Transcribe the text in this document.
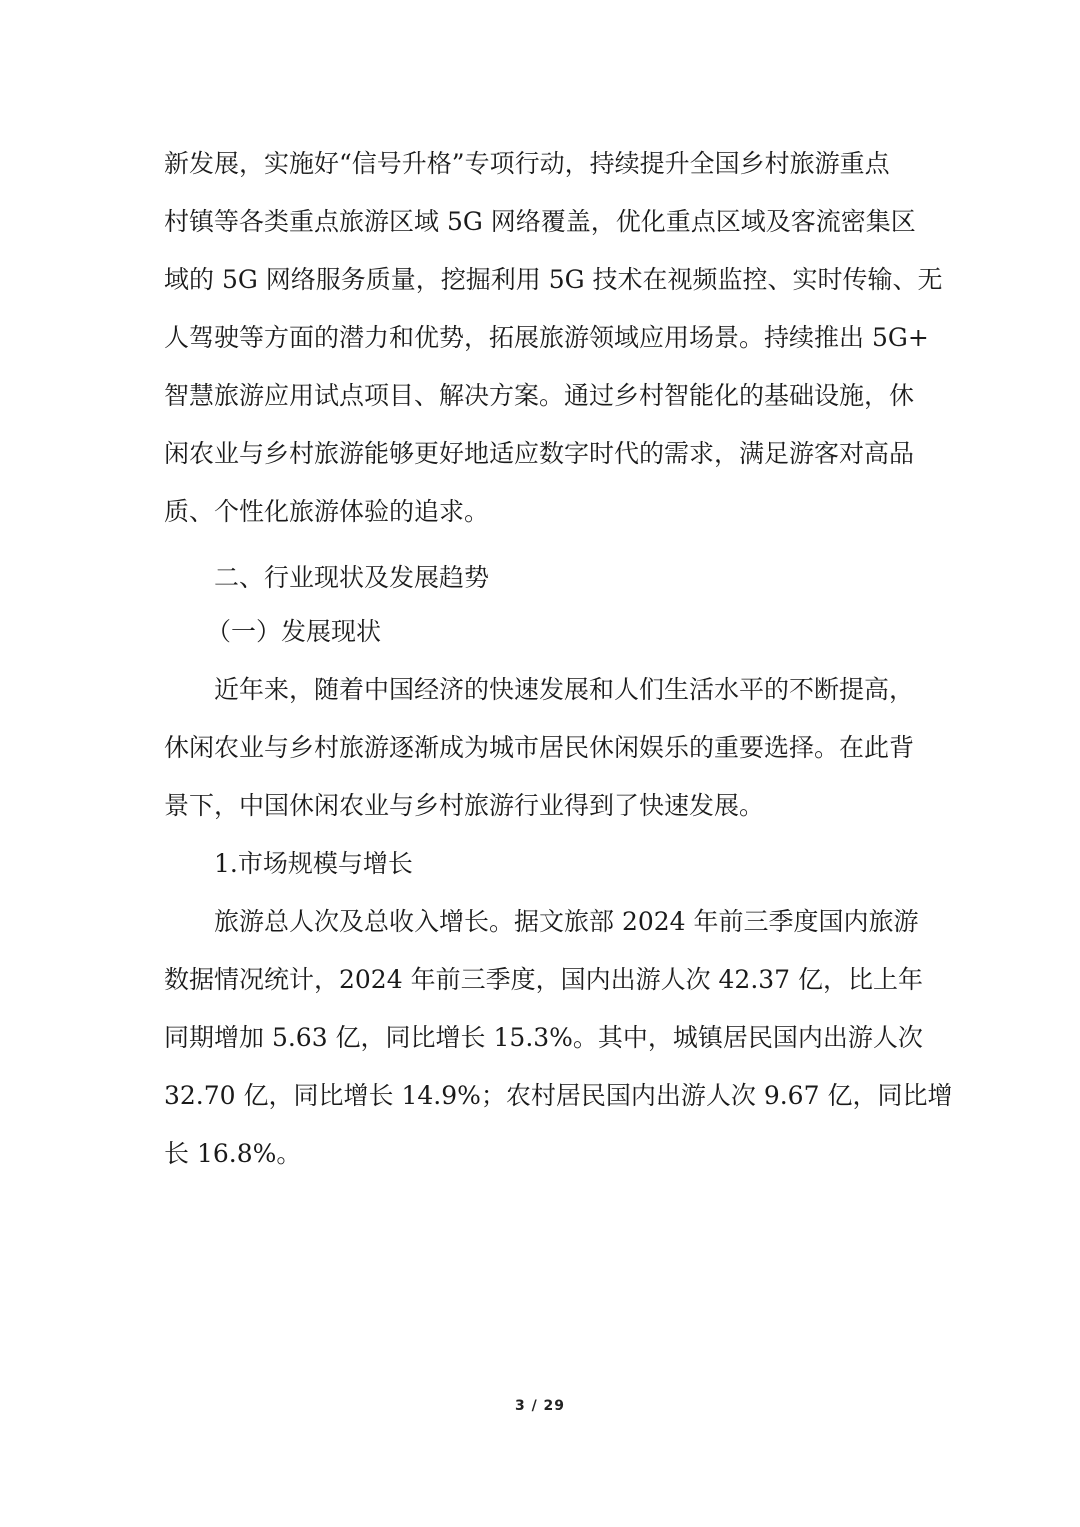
新发展，实施好“信号升格”专项行动，持续提升全国乡村旅游重点
村镇等各类重点旅游区域 5G 网络覆盖，优化重点区域及客流密集区
域的 5G 网络服务质量，挖掘利用 5G 技术在视频监控、实时传输、无
人驾驶等方面的潜力和优势，拓展旅游领域应用场景。持续推出 5G+
智慧旅游应用试点项目、解决方案。通过乡村智能化的基础设施，休
闲农业与乡村旅游能够更好地适应数字时代的需求，满足游客对高品
质、个性化旅游体验的追求。
二、行业现状及发展趋势
（一）发展现状
近年来，随着中国经济的快速发展和人们生活水平的不断提高，
休闲农业与乡村旅游逐渐成为城市居民休闲娱乐的重要选择。在此背
景下，中国休闲农业与乡村旅游行业得到了快速发展。
1.市场规模与增长
旅游总人次及总收入增长。据文旅部 2024 年前三季度国内旅游
数据情况统计，2024 年前三季度，国内出游人次 42.37 亿，比上年
同期增加 5.63 亿，同比增长 15.3%。其中，城镇居民国内出游人次
32.70 亿，同比增长 14.9%；农村居民国内出游人次 9.67 亿，同比增
长 16.8%。
3 / 29
